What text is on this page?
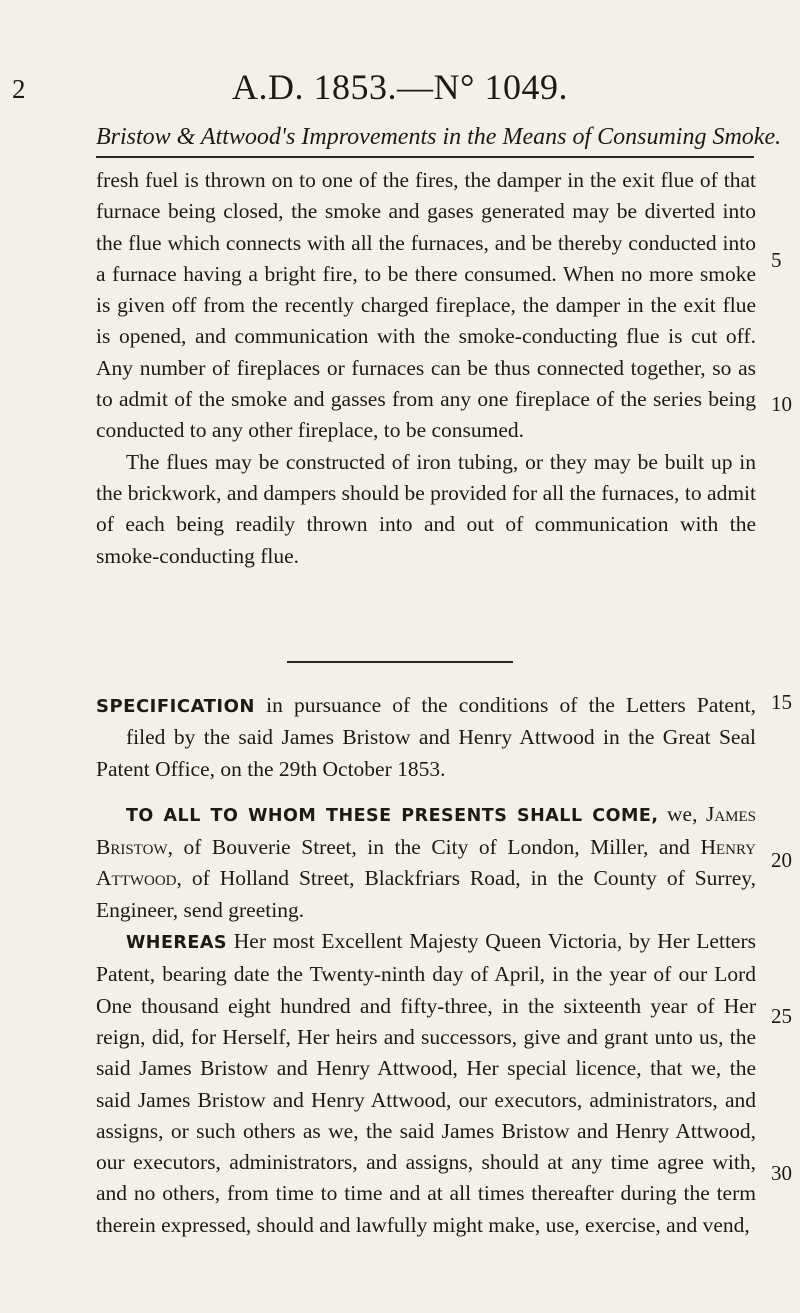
2	A.D. 1853.—N° 1049.
Bristow & Attwood's Improvements in the Means of Consuming Smoke.

fresh fuel is thrown on to one of the fires, the damper in the exit flue of that furnace being closed, the smoke and gases generated may be diverted into the flue which connects with all the furnaces, and be thereby conducted into a furnace having a bright fire, to be there consumed. When no more smoke is given off from the recently charged fireplace, the damper in the exit flue is opened, and communication with the smoke-conducting flue is cut off. Any number of fireplaces or furnaces can be thus connected together, so as to admit of the smoke and gasses from any one fireplace of the series being conducted to any other fireplace, to be consumed.

The flues may be constructed of iron tubing, or they may be built up in the brickwork, and dampers should be provided for all the furnaces, to admit of each being readily thrown into and out of communication with the smoke-conducting flue.

SPECIFICATION in pursuance of the conditions of the Letters Patent, filed by the said James Bristow and Henry Attwood in the Great Seal Patent Office, on the 29th October 1853.

TO ALL TO WHOM THESE PRESENTS SHALL COME, we, James Bristow, of Bouverie Street, in the City of London, Miller, and Henry Attwood, of Holland Street, Blackfriars Road, in the County of Surrey, Engineer, send greeting.

WHEREAS Her most Excellent Majesty Queen Victoria, by Her Letters Patent, bearing date the Twenty-ninth day of April, in the year of our Lord One thousand eight hundred and fifty-three, in the sixteenth year of Her reign, did, for Herself, Her heirs and successors, give and grant unto us, the said James Bristow and Henry Attwood, Her special licence, that we, the said James Bristow and Henry Attwood, our executors, administrators, and assigns, or such others as we, the said James Bristow and Henry Attwood, our executors, administrators, and assigns, should at any time agree with, and no others, from time to time and at all times thereafter during the term therein expressed, should and lawfully might make, use, exercise, and vend,

5
10
15
20
25
30
